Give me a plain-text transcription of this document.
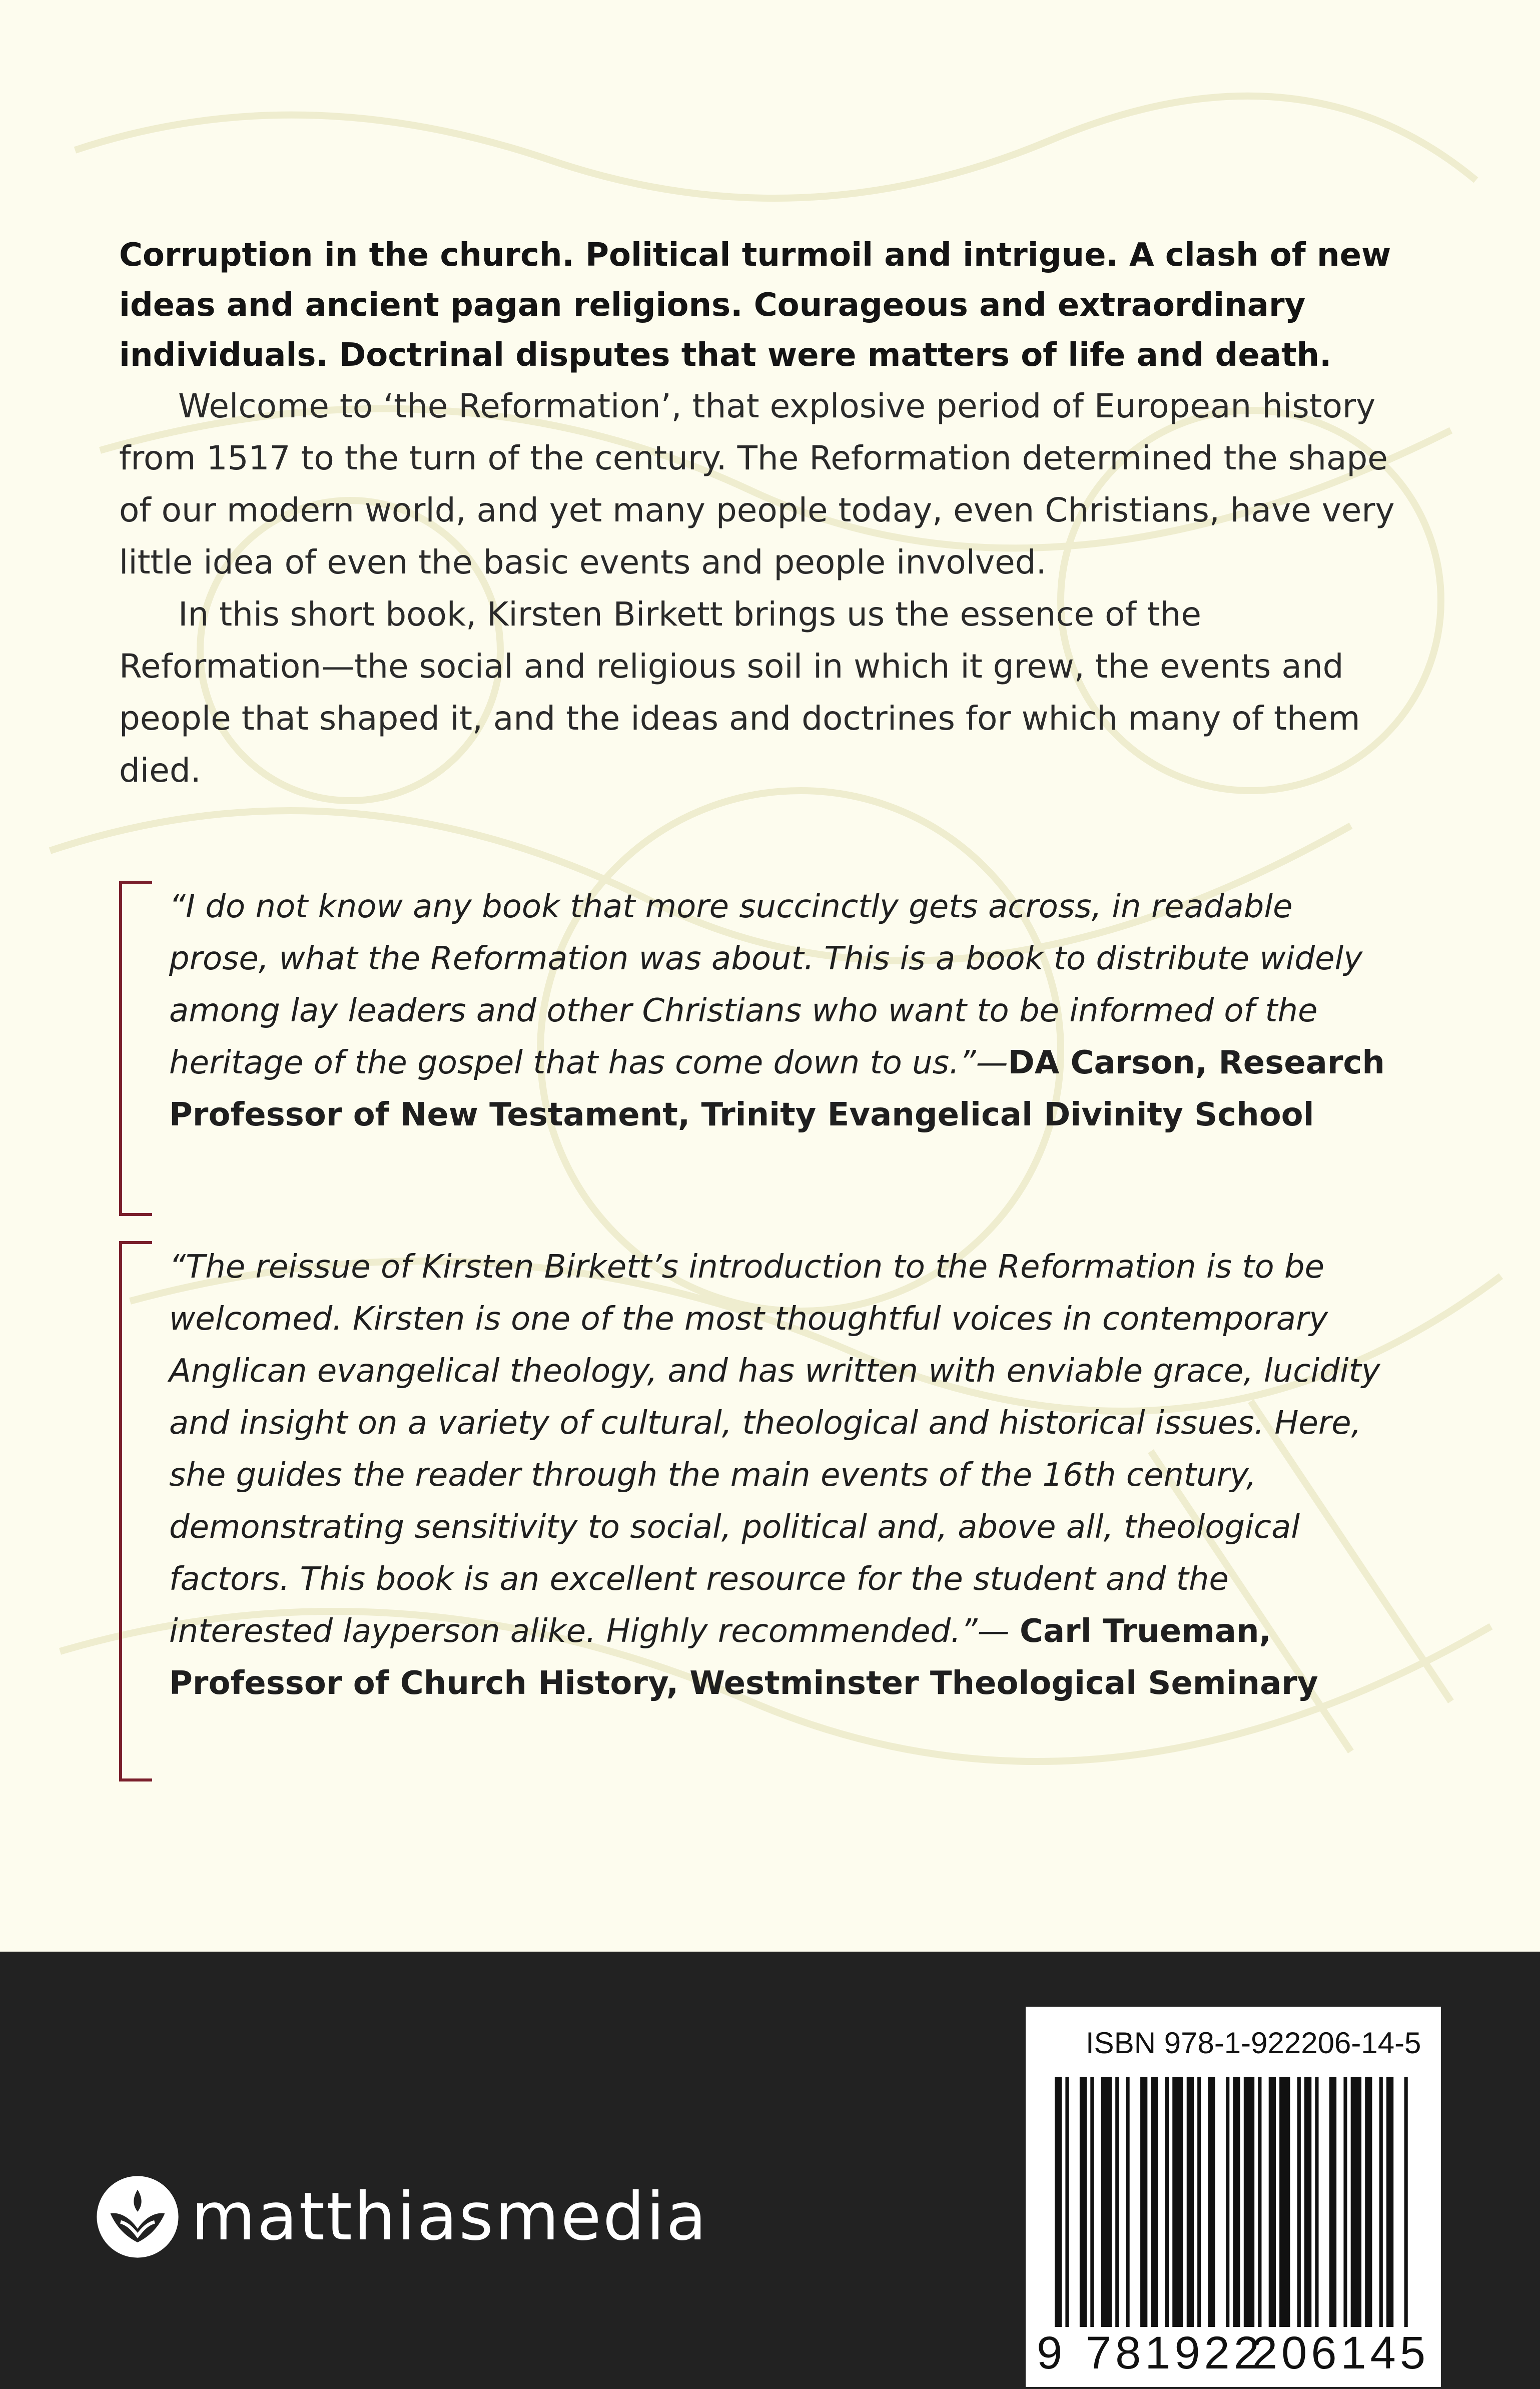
Corruption in the church. Political turmoil and intrigue. A clash of new ideas and ancient pagan religions. Courageous and extraordinary individuals. Doctrinal disputes that were matters of life and death.

Welcome to ‘the Reformation’, that explosive period of European history from 1517 to the turn of the century. The Reformation determined the shape of our modern world, and yet many people today, even Christians, have very little idea of even the basic events and people involved.

In this short book, Kirsten Birkett brings us the essence of the Reformation—the social and religious soil in which it grew, the events and people that shaped it, and the ideas and doctrines for which many of them died.

“I do not know any book that more succinctly gets across, in readable prose, what the Reformation was about. This is a book to distribute widely among lay leaders and other Christians who want to be informed of the heritage of the gospel that has come down to us.”—DA Carson, Research Professor of New Testament, Trinity Evangelical Divinity School
“The reissue of Kirsten Birkett’s introduction to the Reformation is to be welcomed. Kirsten is one of the most thoughtful voices in contemporary Anglican evangelical theology, and has written with enviable grace, lucidity and insight on a variety of cultural, theological and historical issues. Here, she guides the reader through the main events of the 16th century, demonstrating sensitivity to social, political and, above all, theological factors. This book is an excellent resource for the student and the interested layperson alike. Highly recommended.”— Carl Trueman, Professor of Church History, Westminster Theological Seminary
matthiasmedia
ISBN 978-1-922206-14-5
9 781922
206145
